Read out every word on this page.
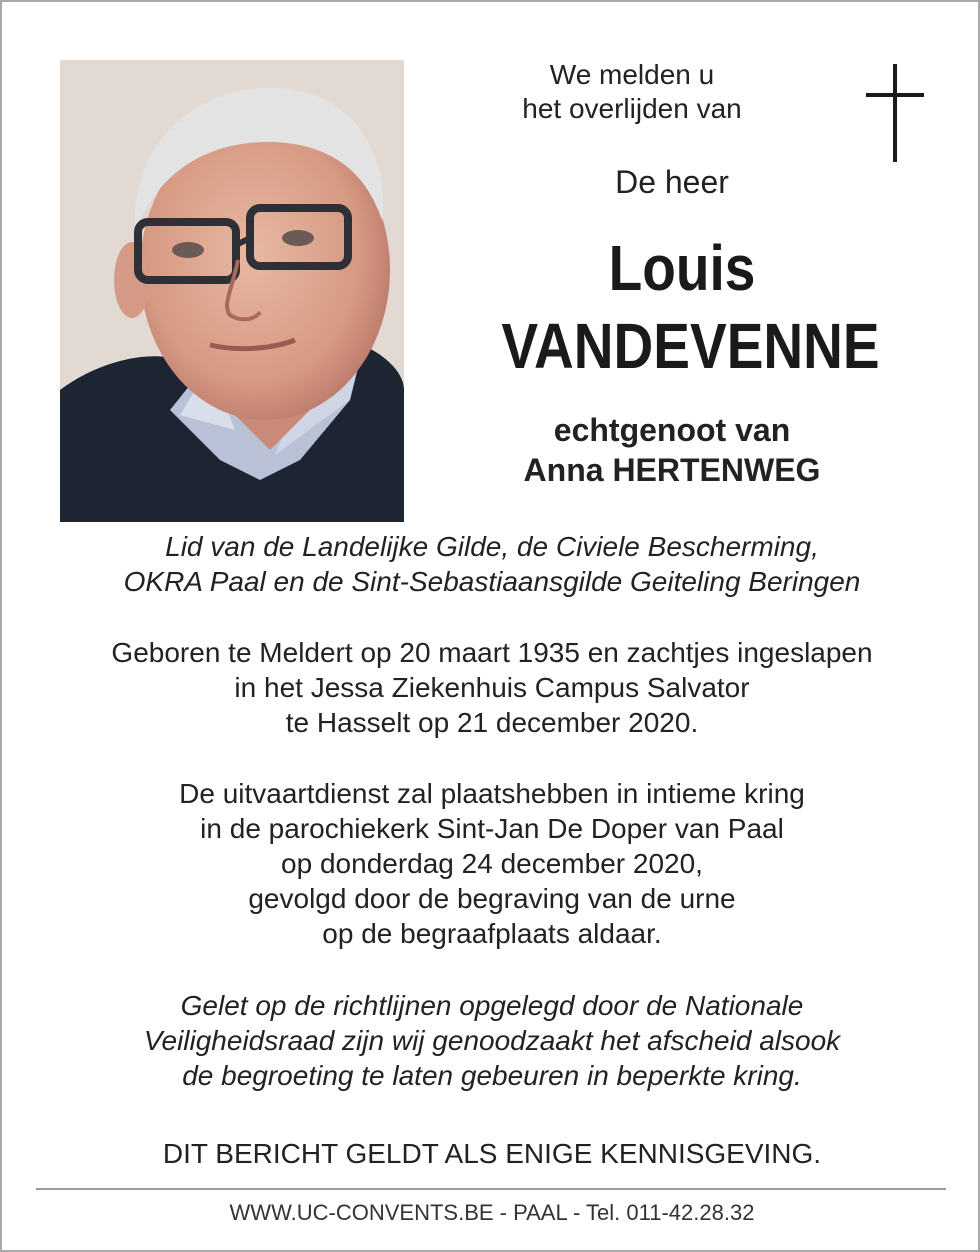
We melden u
het overlijden van
De heer
Louis
VANDEVENNE
echtgenoot van
Anna HERTENWEG
Lid van de Landelijke Gilde, de Civiele Bescherming,
OKRA Paal en de Sint-Sebastiaansgilde Geiteling Beringen
Geboren te Meldert op 20 maart 1935 en zachtjes ingeslapen
in het Jessa Ziekenhuis Campus Salvator
te Hasselt op 21 december 2020.
De uitvaartdienst zal plaatshebben in intieme kring
in de parochiekerk Sint-Jan De Doper van Paal
op donderdag 24 december 2020,
gevolgd door de begraving van de urne
op de begraafplaats aldaar.
Gelet op de richtlijnen opgelegd door de Nationale
Veiligheidsraad zijn wij genoodzaakt het afscheid alsook
de begroeting te laten gebeuren in beperkte kring.
DIT BERICHT GELDT ALS ENIGE KENNISGEVING.
WWW.UC-CONVENTS.BE - PAAL - Tel. 011-42.28.32
